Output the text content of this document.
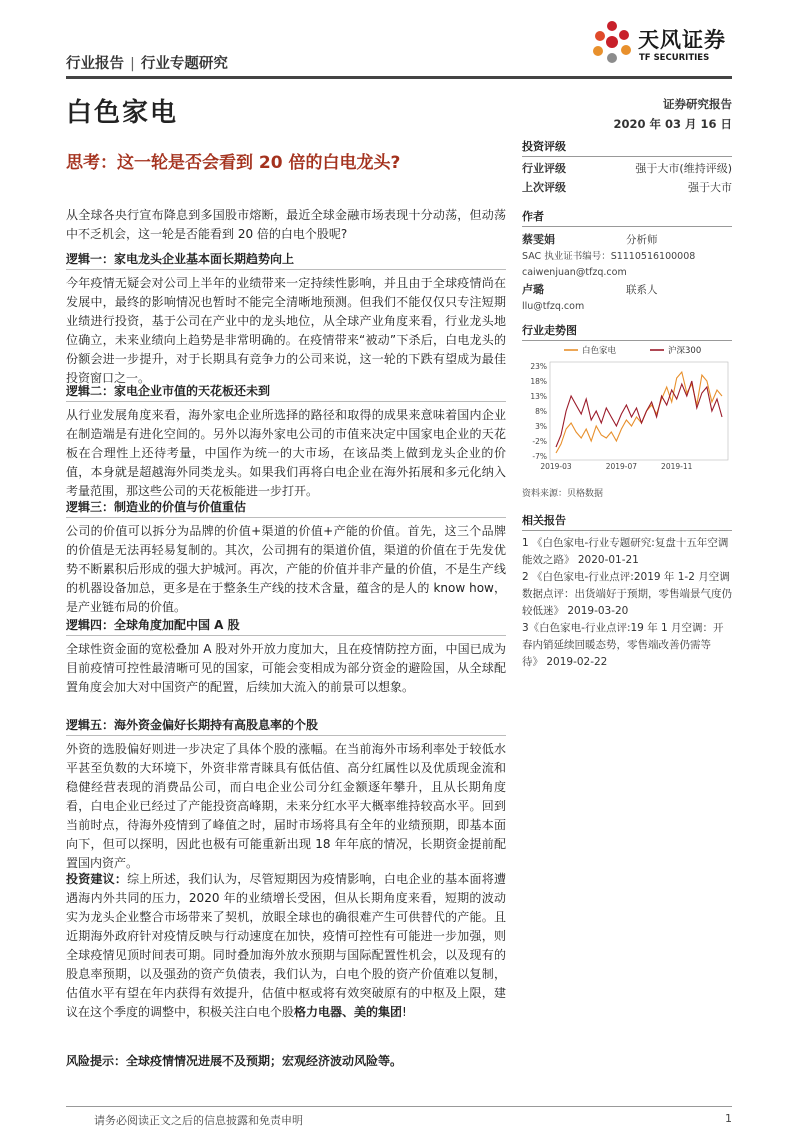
行业报告 | 行业专题研究
天风证券
TF SECURITIES
白色家电	证券研究报告
2020 年 03 月 16 日
思考：这一轮是否会看到 20 倍的白电龙头?
投资评级
行业评级	强于大市(维持评级)
上次评级	强于大市
作者
蔡雯娟	分析师
SAC 执业证书编号：S1110516100008
caiwenjuan@tfzq.com
卢璐	联系人
llu@tfzq.com
行业走势图
白色家电	沪深300
23%
18%
13%
8%
3%
-2%
-7%
2019-03	2019-07	2019-11
资料来源：贝格数据
相关报告
1 《白色家电-行业专题研究:复盘十五年空调能效之路》 2020-01-21
2 《白色家电-行业点评:2019 年 1-2 月空调数据点评：出货端好于预期，零售端景气度仍较低迷》 2019-03-20
3《白色家电-行业点评:19 年 1 月空调：开春内销延续回暖态势，零售端改善仍需等待》 2019-02-22
从全球各央行宣布降息到多国股市熔断，最近全球金融市场表现十分动荡，但动荡中不乏机会，这一轮是否能看到 20 倍的白电个股呢?
逻辑一：家电龙头企业基本面长期趋势向上
今年疫情无疑会对公司上半年的业绩带来一定持续性影响，并且由于全球疫情尚在发展中，最终的影响情况也暂时不能完全清晰地预测。但我们不能仅仅只专注短期业绩进行投资，基于公司在产业中的龙头地位，从全球产业角度来看，行业龙头地位确立，未来业绩向上趋势是非常明确的。在疫情带来“被动”下杀后，白电龙头的份额会进一步提升，对于长期具有竞争力的公司来说，这一轮的下跌有望成为最佳投资窗口之一。
逻辑二：家电企业市值的天花板还未到
从行业发展角度来看，海外家电企业所选择的路径和取得的成果来意味着国内企业在制造端是有进化空间的。另外以海外家电公司的市值来决定中国家电企业的天花板在合理性上还待考量，中国作为统一的大市场，在该品类上做到龙头企业的价值，本身就是超越海外同类龙头。如果我们再将白电企业在海外拓展和多元化纳入考量范围，那这些公司的天花板能进一步打开。
逻辑三：制造业的价值与价值重估
公司的价值可以拆分为品牌的价值+渠道的价值+产能的价值。首先，这三个品牌的价值是无法再轻易复制的。其次，公司拥有的渠道价值，渠道的价值在于先发优势不断累积后形成的强大护城河。再次，产能的价值并非产量的价值，不是生产线的机器设备加总，更多是在于整条生产线的技术含量，蕴含的是人的 know how，是产业链布局的价值。
逻辑四：全球角度加配中国 A 股
全球性资金面的宽松叠加 A 股对外开放力度加大，且在疫情防控方面，中国已成为目前疫情可控性最清晰可见的国家，可能会变相成为部分资金的避险国，从全球配置角度会加大对中国资产的配置，后续加大流入的前景可以想象。
逻辑五：海外资金偏好长期持有高股息率的个股
外资的选股偏好则进一步决定了具体个股的涨幅。在当前海外市场利率处于较低水平甚至负数的大环境下，外资非常青睐具有低估值、高分红属性以及优质现金流和稳健经营表现的消费品公司，而白电企业公司分红金额逐年攀升，且从长期角度看，白电企业已经过了产能投资高峰期，未来分红水平大概率维持较高水平。回到当前时点，待海外疫情到了峰值之时，届时市场将具有全年的业绩预期，即基本面向下，但可以探明，因此也极有可能重新出现 18 年年底的情况，长期资金提前配置国内资产。
投资建议：综上所述，我们认为，尽管短期因为疫情影响，白电企业的基本面将遭遇海内外共同的压力，2020 年的业绩增长受困，但从长期角度来看，短期的波动实为龙头企业整合市场带来了契机，放眼全球也的确很难产生可供替代的产能。且近期海外政府针对疫情反映与行动速度在加快，疫情可控性有可能进一步加强，则全球疫情见顶时间表可期。同时叠加海外放水预期与国际配置性机会，以及现有的股息率预期，以及强劲的资产负债表，我们认为，白电个股的资产价值难以复制，估值水平有望在年内获得有效提升，估值中枢或将有效突破原有的中枢及上限，建议在这个季度的调整中，积极关注白电个股格力电器、美的集团!
风险提示：全球疫情情况进展不及预期；宏观经济波动风险等。
请务必阅读正文之后的信息披露和免责申明	1
